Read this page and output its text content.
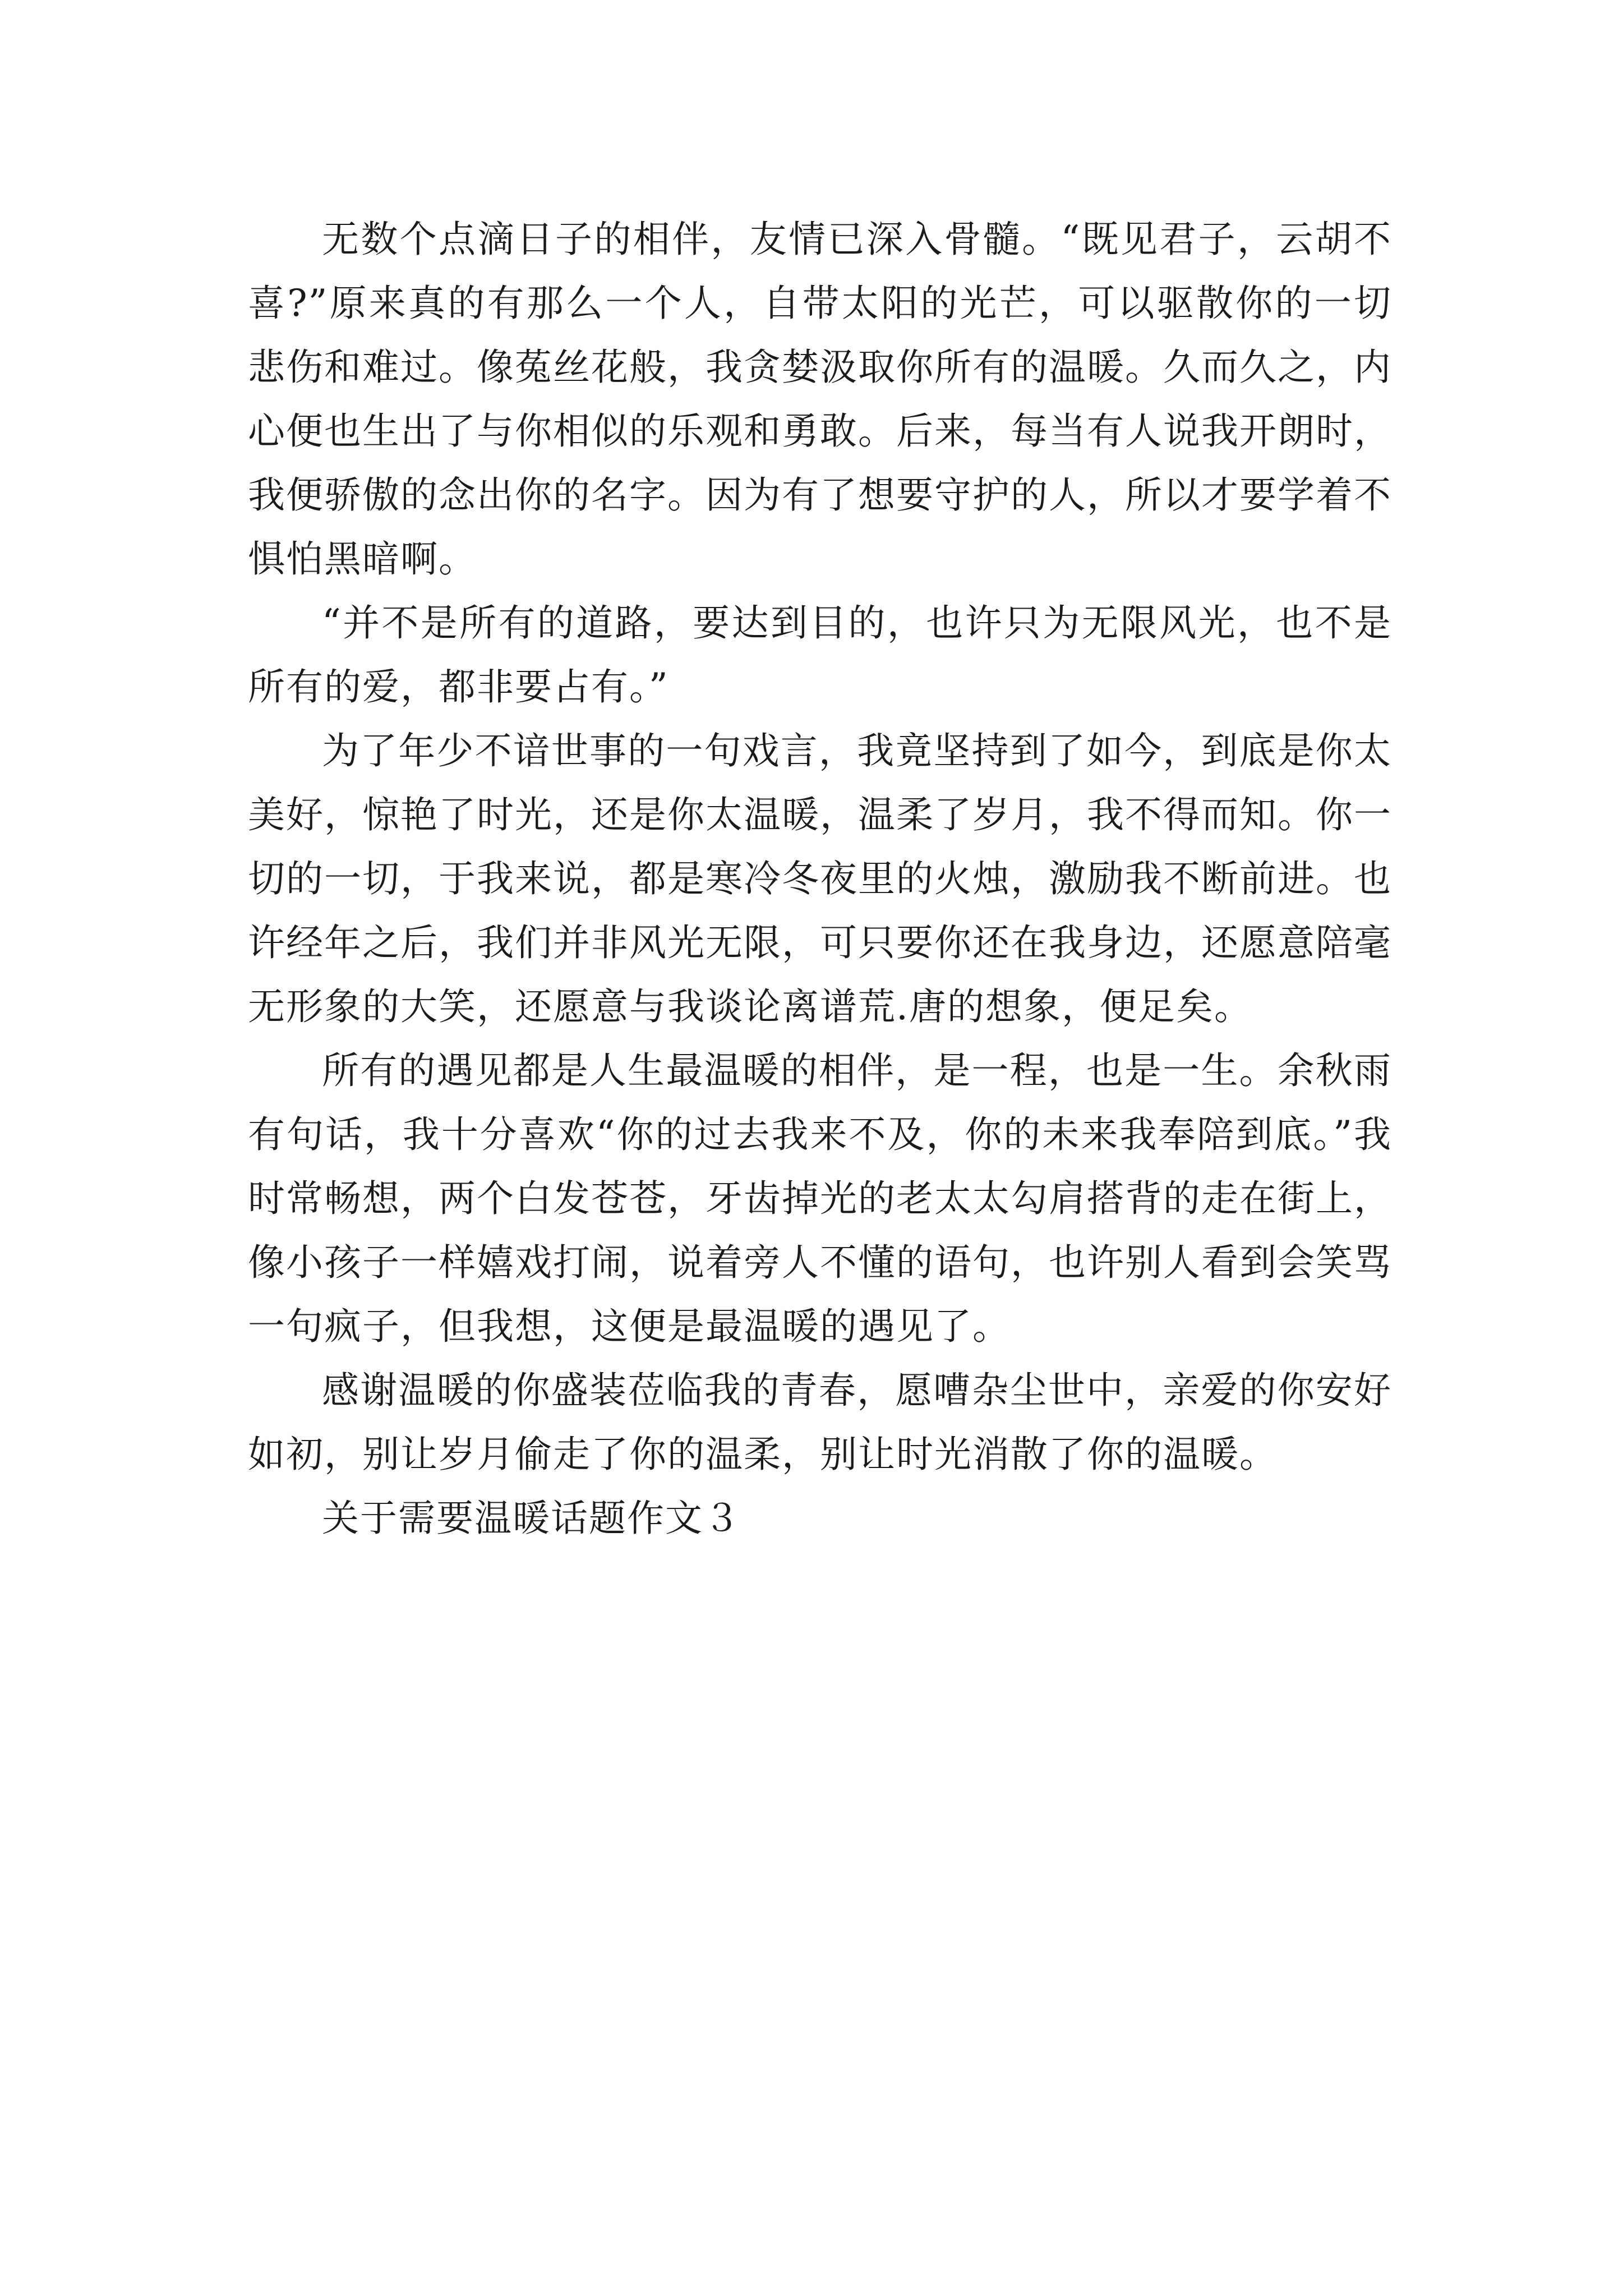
无数个点滴日子的相伴，友情已深入骨髓。“既见君子，云胡不喜?”原来真的有那么一个人，自带太阳的光芒，可以驱散你的一切悲伤和难过。像菟丝花般，我贪婪汲取你所有的温暖。久而久之，内心便也生出了与你相似的乐观和勇敢。后来，每当有人说我开朗时，我便骄傲的念出你的名字。因为有了想要守护的人，所以才要学着不惧怕黑暗啊。

“并不是所有的道路，要达到目的，也许只为无限风光，也不是所有的爱，都非要占有。”

为了年少不谙世事的一句戏言，我竟坚持到了如今，到底是你太美好，惊艳了时光，还是你太温暖，温柔了岁月，我不得而知。你一切的一切，于我来说，都是寒冷冬夜里的火烛，激励我不断前进。也许经年之后，我们并非风光无限，可只要你还在我身边，还愿意陪毫无形象的大笑，还愿意与我谈论离谱荒.唐的想象，便足矣。

所有的遇见都是人生最温暖的相伴，是一程，也是一生。余秋雨有句话，我十分喜欢“你的过去我来不及，你的未来我奉陪到底。”我时常畅想，两个白发苍苍，牙齿掉光的老太太勾肩搭背的走在街上，像小孩子一样嬉戏打闹，说着旁人不懂的语句，也许别人看到会笑骂一句疯子，但我想，这便是最温暖的遇见了。

感谢温暖的你盛装莅临我的青春，愿嘈杂尘世中，亲爱的你安好如初，别让岁月偷走了你的温柔，别让时光消散了你的温暖。

关于需要温暖话题作文３
